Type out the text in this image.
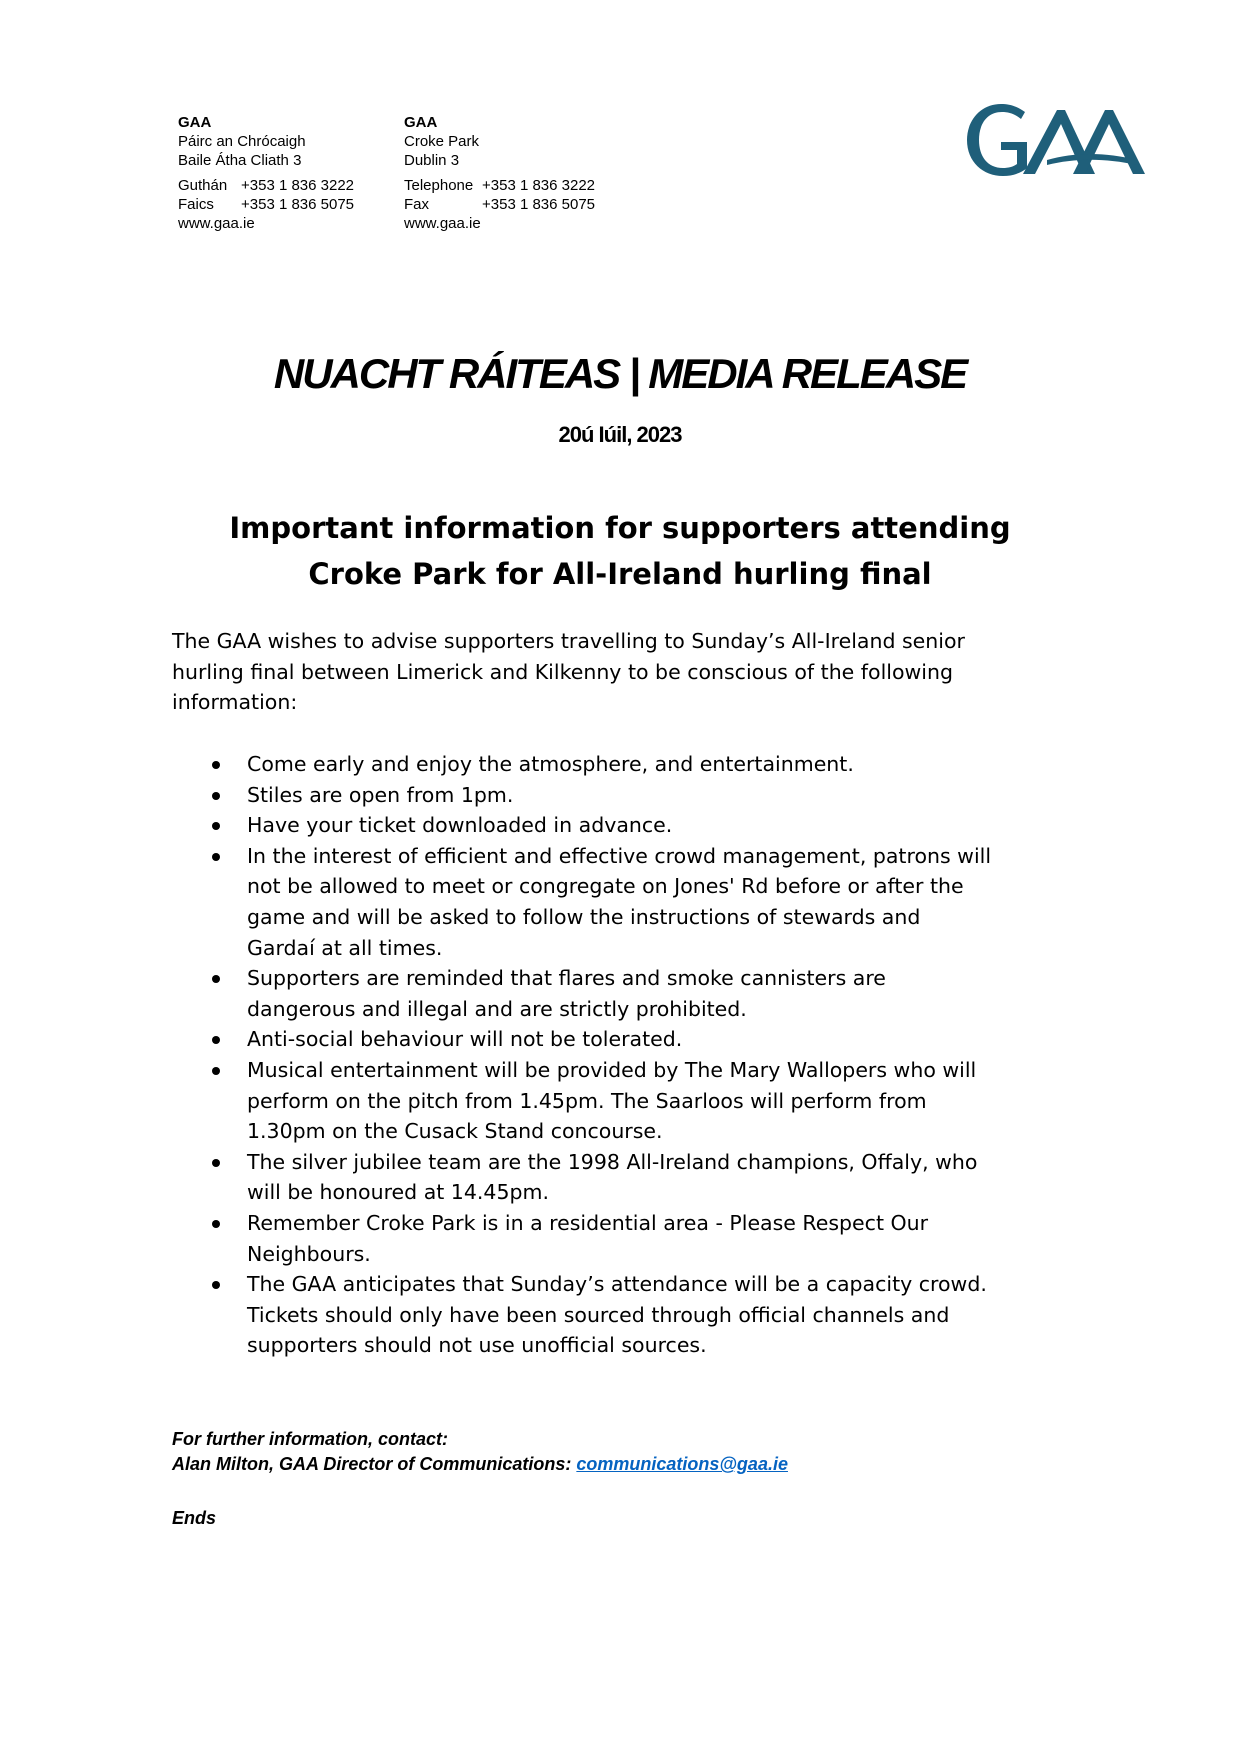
GAA
Páirc an Chrócaigh
Baile Átha Cliath 3
Guthán +353 1 836 3222
Faics	+353 1 836 5075
www.gaa.ie
GAA
Croke Park
Dublin 3
Telephone +353 1 836 3222
Fax	+353 1 836 5075
www.gaa.ie
NUACHT RÁITEAS | MEDIA RELEASE
20ú Iúil, 2023
Important information for supporters attending
Croke Park for All-Ireland hurling final
The GAA wishes to advise supporters travelling to Sunday’s All-Ireland senior hurling final between Limerick and Kilkenny to be conscious of the following information:
Come early and enjoy the atmosphere, and entertainment.
Stiles are open from 1pm.
Have your ticket downloaded in advance.
In the interest of efficient and effective crowd management, patrons will not be allowed to meet or congregate on Jones' Rd before or after the game and will be asked to follow the instructions of stewards and Gardaí at all times.
Supporters are reminded that flares and smoke cannisters are dangerous and illegal and are strictly prohibited.
Anti-social behaviour will not be tolerated.
Musical entertainment will be provided by The Mary Wallopers who will perform on the pitch from 1.45pm. The Saarloos will perform from 1.30pm on the Cusack Stand concourse.
The silver jubilee team are the 1998 All-Ireland champions, Offaly, who will be honoured at 14.45pm.
Remember Croke Park is in a residential area - Please Respect Our Neighbours.
The GAA anticipates that Sunday’s attendance will be a capacity crowd. Tickets should only have been sourced through official channels and supporters should not use unofficial sources.
For further information, contact:
Alan Milton, GAA Director of Communications: communications@gaa.ie
Ends
